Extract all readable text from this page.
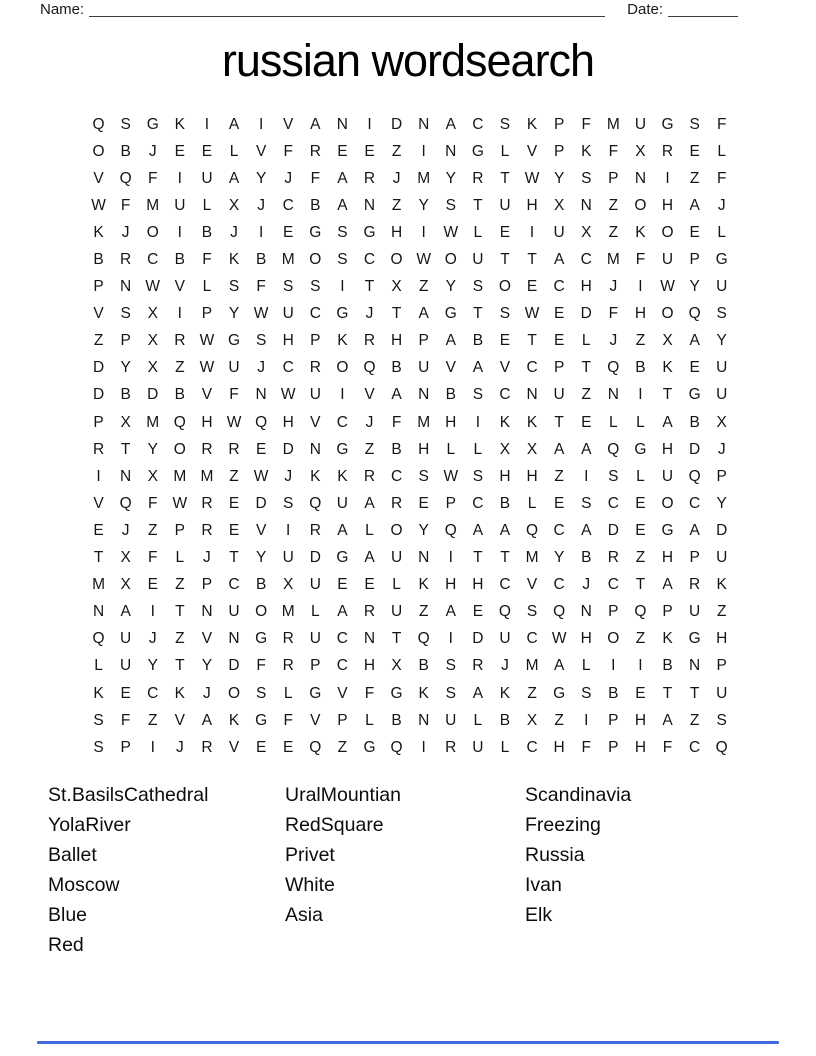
Name:	Date:
russian wordsearch
Q	S	G	K	I	A	I	V	A	N	I	D	N	A	C	S	K	P	F	M U G	S	F
O	B	J	E	E	L	V	F	R	E	E	Z	I	N G	L	V	P	K	F	X	R	E	L
V	Q	F	I	U	A	Y	J	F	A	R	J	M Y	R	T W Y	S	P	N	I	Z	F
W F	M U	L	X	J	C	B	A	N	Z	Y	S	T	U	H	X	N	Z	O H	A	J
K	J	O	I	B	J	I	E	G	S	G H	I	W L	E	I	U	X	Z	K	O	E	L
B	R	C	B	F	K	B M O	S	C O W O U	T	T	A	C M	F	U	P	G
P	N W V	L	S	F	S	S	I	T	X	Z	Y	S	O	E	C	H	J	I	W Y	U
V	S	X	I	P	Y W U	C G	J	T	A	G	T	S W E	D	F	H O Q	S
Z	P	X	R W G	S	H	P	K	R	H	P	A	B	E	T	E	L	J	Z	X	A	Y
D	Y	X	Z W U	J	C	R O Q	B	U	V	A	V	C	P	T	Q	B	K	E	U
D	B	D	B	V	F	N W U	I	V	A	N	B	S	C	N	U	Z	N	I	T	G U
P	X M Q H W Q H	V	C	J	F	M H	I	K	K	T	E	L	L	A	B	X
R	T	Y	O R	R	E	D	N G	Z	B	H	L	L	X	X	A	A	Q G H	D	J
I	N	X M M	Z W	J	K	K	R	C	S W S	H	H	Z	I	S	L	U Q	P
V	Q	F W R	E	D	S	Q U	A	R	E	P	C	B	L	E	S	C	E	O C	Y
E	J	Z	P	R	E	V	I	R	A	L	O	Y	Q	A	A	Q C	A	D	E	G	A	D
T	X	F	L	J	T	Y	U	D G	A	U	N	I	T	T	M Y	B	R	Z	H	P	U
M X	E	Z	P	C	B	X	U	E	E	L	K	H	H	C	V	C	J	C	T	A	R	K
N	A	I	T	N	U O M	L	A	R	U	Z	A	E	Q	S	Q N	P	Q	P	U	Z
Q U	J	Z	V	N G R	U	C	N	T	Q	I	D	U	C W H O	Z	K	G H
L	U	Y	T	Y	D	F	R	P	C	H	X	B	S	R	J	M A	L	I	I	B	N	P
K	E	C	K	J	O	S	L	G	V	F	G	K	S	A	K	Z	G	S	B	E	T	T	U
S	F	Z	V	A	K	G	F	V	P	L	B	N	U	L	B	X	Z	I	P	H	A	Z	S
S	P	I	J	R	V	E	E	Q	Z	G Q	I	R	U	L	C	H	F	P	H	F	C Q
St.BasilsCathedral
YolaRiver
Ballet
Moscow
Blue
Red
UralMountian
RedSquare
Privet
White
Asia
Scandinavia
Freezing
Russia
Ivan
Elk
